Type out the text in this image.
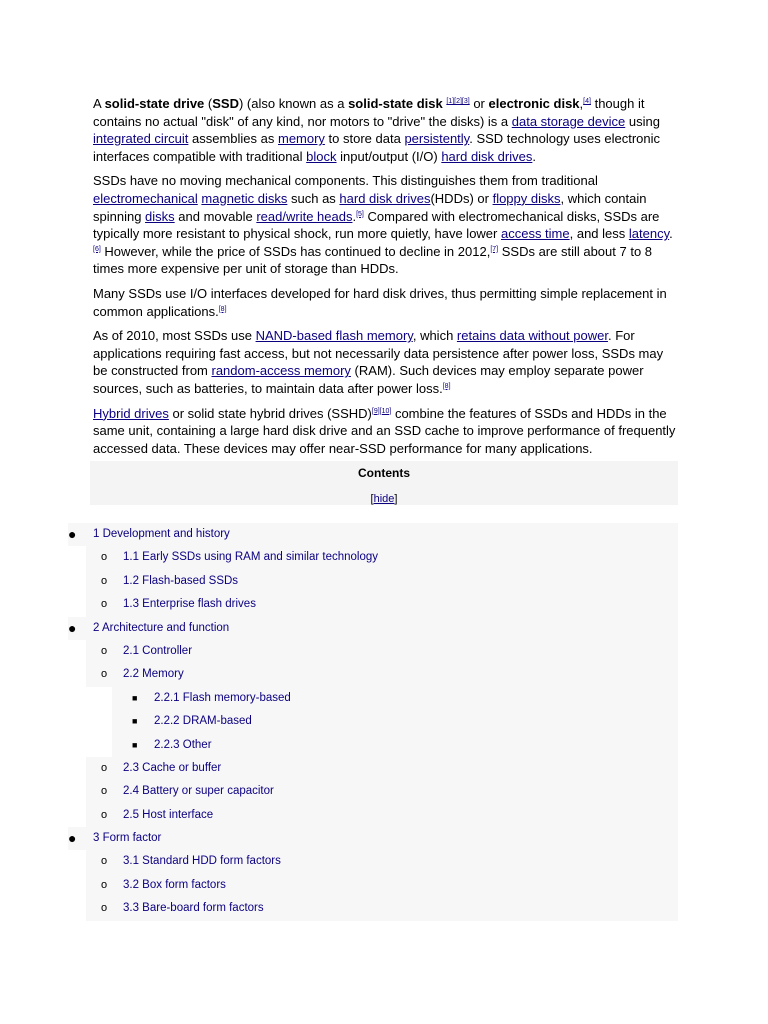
A solid-state drive (SSD) (also known as a solid-state disk [1][2][3] or electronic disk,[4] though it contains no actual "disk" of any kind, nor motors to "drive" the disks) is a data storage device using integrated circuit assemblies as memory to store data persistently. SSD technology uses electronic interfaces compatible with traditional block input/output (I/O) hard disk drives.

SSDs have no moving mechanical components. This distinguishes them from traditional electromechanical magnetic disks such as hard disk drives(HDDs) or floppy disks, which contain spinning disks and movable read/write heads.[5] Compared with electromechanical disks, SSDs are typically more resistant to physical shock, run more quietly, have lower access time, and less latency.[6] However, while the price of SSDs has continued to decline in 2012,[7] SSDs are still about 7 to 8 times more expensive per unit of storage than HDDs.

Many SSDs use I/O interfaces developed for hard disk drives, thus permitting simple replacement in common applications.[8]

As of 2010, most SSDs use NAND-based flash memory, which retains data without power. For applications requiring fast access, but not necessarily data persistence after power loss, SSDs may be constructed from random-access memory (RAM). Such devices may employ separate power sources, such as batteries, to maintain data after power loss.[8]

Hybrid drives or solid state hybrid drives (SSHD)[9][10] combine the features of SSDs and HDDs in the same unit, containing a large hard disk drive and an SSD cache to improve performance of frequently accessed data. These devices may offer near-SSD performance for many applications.

Contents
[hide]
● 1 Development and history
o 1.1 Early SSDs using RAM and similar technology
o 1.2 Flash-based SSDs
o 1.3 Enterprise flash drives
● 2 Architecture and function
o 2.1 Controller
o 2.2 Memory
■ 2.2.1 Flash memory-based
■ 2.2.2 DRAM-based
■ 2.2.3 Other
o 2.3 Cache or buffer
o 2.4 Battery or super capacitor
o 2.5 Host interface
● 3 Form factor
o 3.1 Standard HDD form factors
o 3.2 Box form factors
o 3.3 Bare-board form factors
